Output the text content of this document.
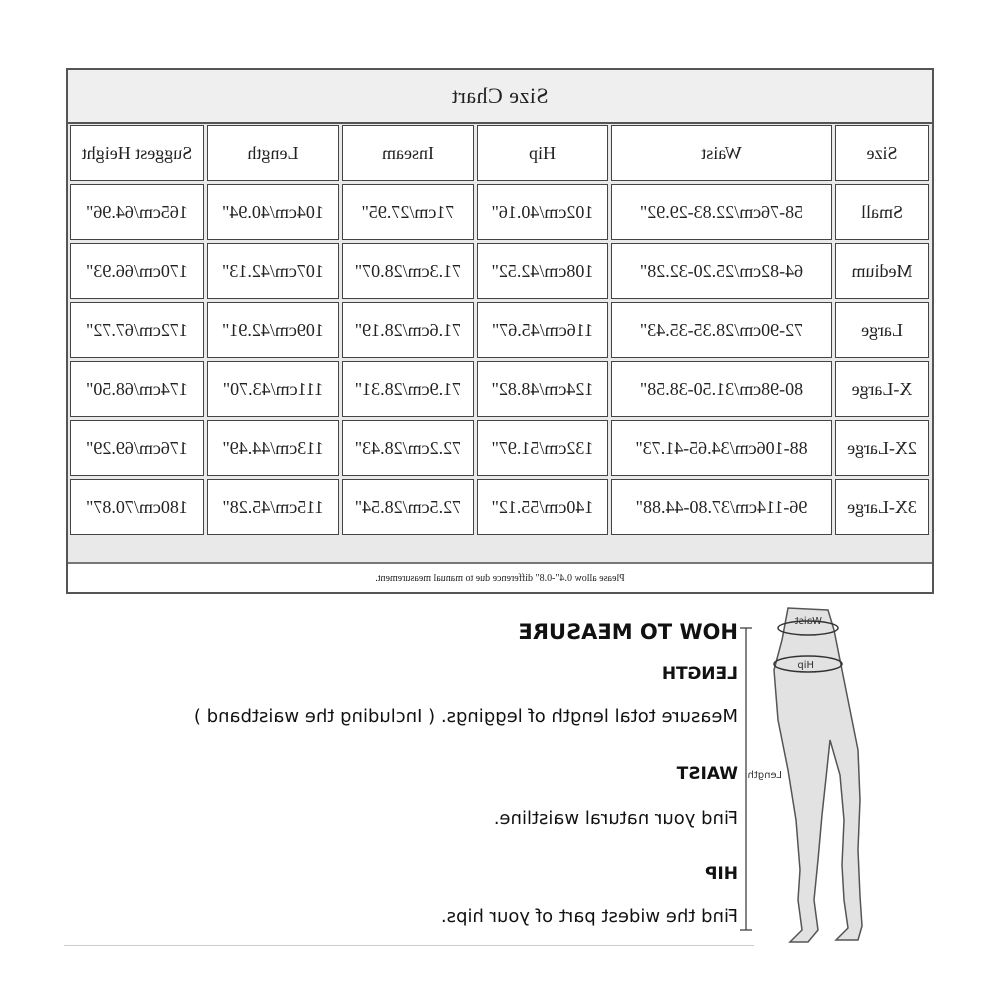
Size Chart
Size	Waist	Hip	Inseam	Length	Suggest Height
Small	58-76cm/22.83-29.92"	102cm/40.16"	71cm/27.95"	104cm/40.94"	165cm/64.96"
Medium	64-82cm/25.20-32.28"	108cm/42.52"	71.3cm/28.07"	107cm/42.13"	170cm/66.93"
Large	72-90cm/28.35-35.43"	116cm/45.67"	71.6cm/28.19"	109cm/42.91"	172cm/67.72"
X-Large	80-98cm/31.50-38.58"	124cm/48.82"	71.9cm/28.31"	111cm/43.70"	174cm/68.50"
2X-Large	88-106cm/34.65-41.73"	132cm/51.97"	72.2cm/28.43"	113cm/44.49"	176cm/69.29"
3X-Large	96-114cm/37.80-44.88"	140cm/55.12"	72.5cm/28.54"	115cm/45.28"	180cm/70.87"
Please allow 0.4"-0.8" difference due to manual measurement.
HOW TO MEASURE
LENGTH
Measure total length of leggings. ( Including the waistband )
WAIST
Find your natural waistline.
HIP
Find the widest part of your hips.
Waist
Hip
Length
